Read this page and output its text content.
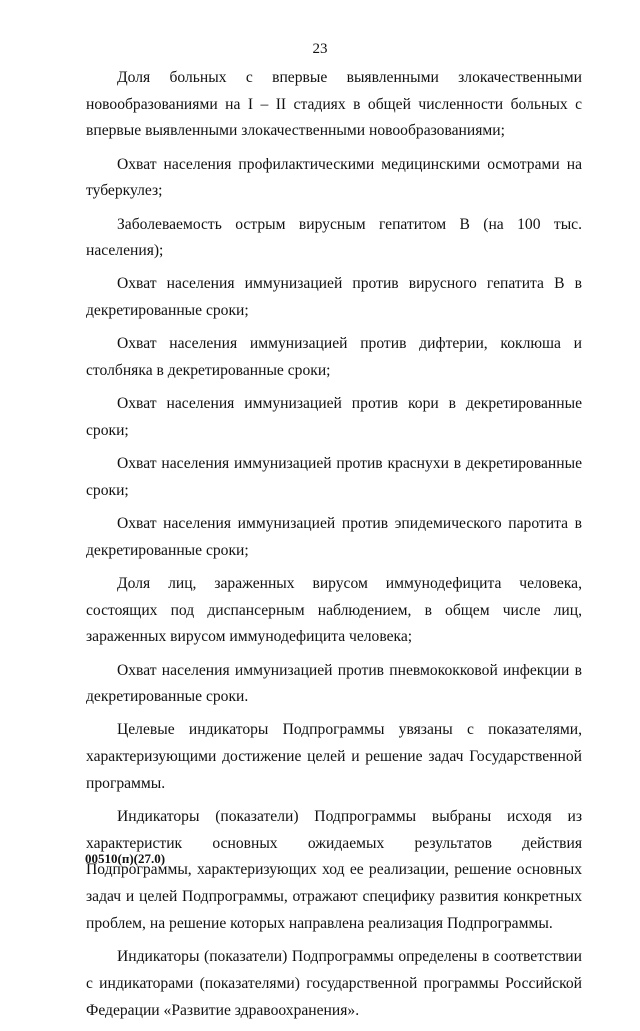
23

Доля больных с впервые выявленными злокачественными новообразованиями на I – II стадиях в общей численности больных с впервые выявленными злокачественными новообразованиями;

Охват населения профилактическими медицинскими осмотрами на туберкулез;

Заболеваемость острым вирусным гепатитом В (на 100 тыс. населения);

Охват населения иммунизацией против вирусного гепатита В в декретированные сроки;

Охват населения иммунизацией против дифтерии, коклюша и столбняка в декретированные сроки;

Охват населения иммунизацией против кори в декретированные сроки;

Охват населения иммунизацией против краснухи в декретированные сроки;

Охват населения иммунизацией против эпидемического паротита в декретированные сроки;

Доля лиц, зараженных вирусом иммунодефицита человека, состоящих под диспансерным наблюдением, в общем числе лиц, зараженных вирусом иммунодефицита человека;

Охват населения иммунизацией против пневмококковой инфекции в декретированные сроки.

Целевые индикаторы Подпрограммы увязаны с показателями, характеризующими достижение целей и решение задач Государственной программы.

Индикаторы (показатели) Подпрограммы выбраны исходя из характеристик основных ожидаемых результатов действия Подпрограммы, характеризующих ход ее реализации, решение основных задач и целей Подпрограммы, отражают специфику развития конкретных проблем, на решение которых направлена реализация Подпрограммы.

Индикаторы (показатели) Подпрограммы определены в соответствии с индикаторами (показателями) государственной программы Российской Федерации «Развитие здравоохранения».

00510(п)(27.0)
